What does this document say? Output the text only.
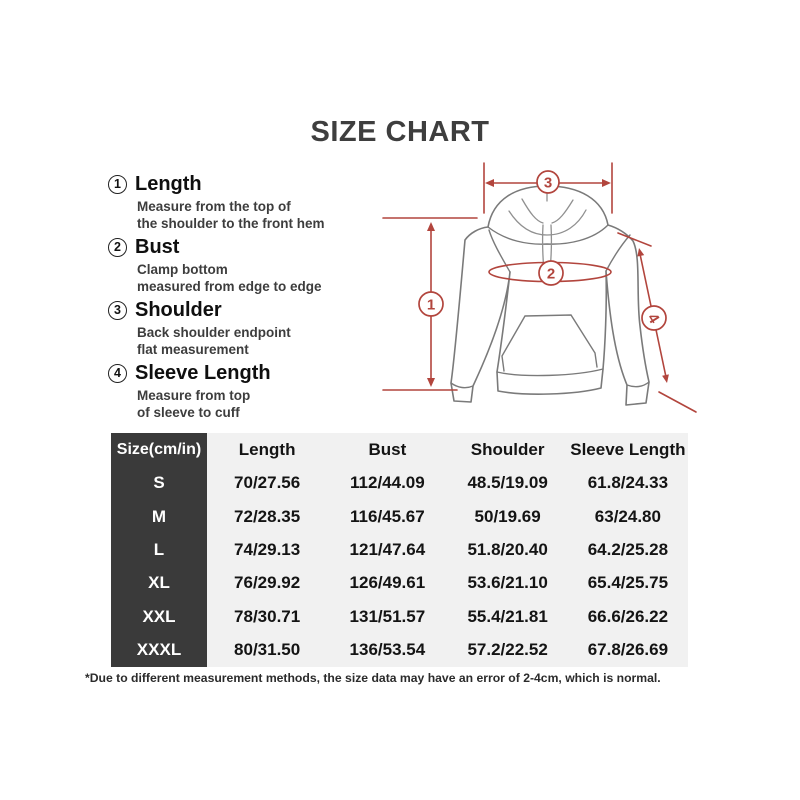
SIZE CHART
1 Length
Measure from the top of
the shoulder to the front hem
2 Bust
Clamp bottom
measured from edge to edge
3 Shoulder
Back shoulder endpoint
flat measurement
4 Sleeve Length
Measure from top
of sleeve to cuff
1
3
2
4
Size(cm/in)	Length	Bust	Shoulder	Sleeve Length
S	70/27.56	112/44.09	48.5/19.09	61.8/24.33
M	72/28.35	116/45.67	50/19.69	63/24.80
L	74/29.13	121/47.64	51.8/20.40	64.2/25.28
XL	76/29.92	126/49.61	53.6/21.10	65.4/25.75
XXL	78/30.71	131/51.57	55.4/21.81	66.6/26.22
XXXL	80/31.50	136/53.54	57.2/22.52	67.8/26.69
*Due to different measurement methods, the size data may have an error of 2-4cm, which is normal.
